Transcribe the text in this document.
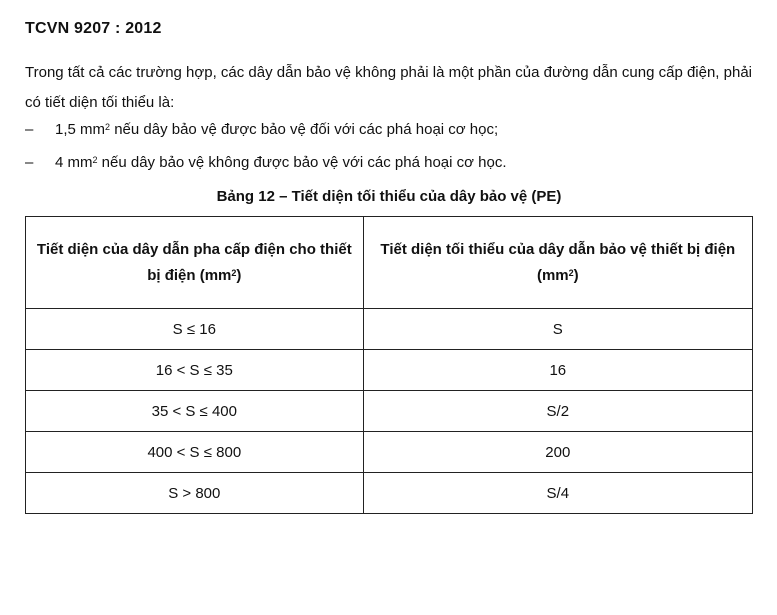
TCVN 9207 : 2012
Trong tất cả các trường hợp, các dây dẫn bảo vệ không phải là một phần của đường dẫn cung cấp điện, phải có tiết diện tối thiểu là:
– 1,5 $mm^2$ nếu dây bảo vệ được bảo vệ đối với các phá hoại cơ học;
– 4 $mm^2$ nếu dây bảo vệ không được bảo vệ với các phá hoại cơ học.
Bảng 12 – Tiết diện tối thiểu của dây bảo vệ (PE)
Tiết diện của dây dẫn pha cấp điện cho thiết bị điện $(mm^2)$	Tiết diện tối thiểu của dây dẫn bảo vệ thiết bị điện $(mm^2)$
S ≤ 16	S
16 < S ≤ 35	16
35 < S ≤ 400	S/2
400 < S ≤ 800	200
S > 800	S/4
